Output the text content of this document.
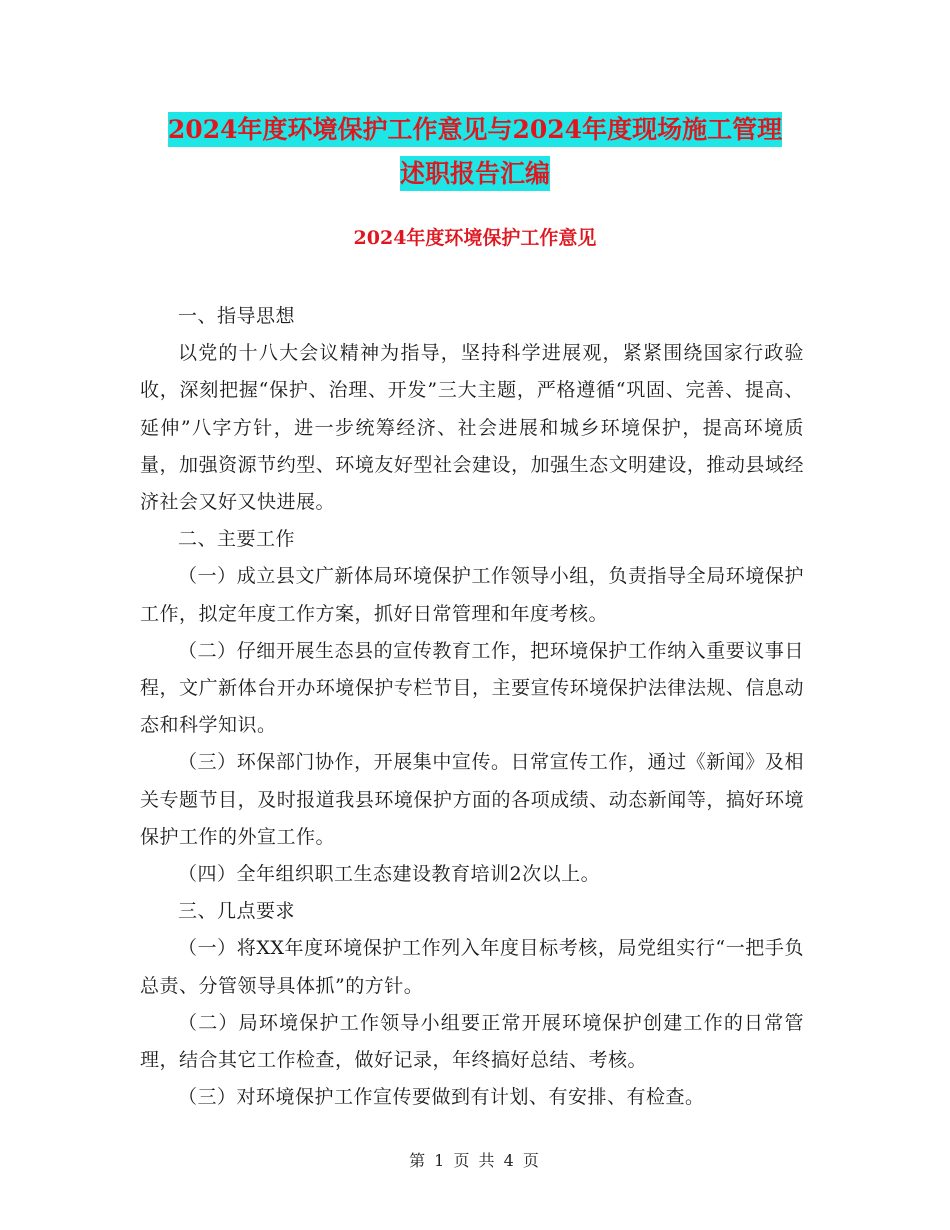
2024年度环境保护工作意见与2024年度现场施工管理
述职报告汇编
2024年度环境保护工作意见

一、指导思想

以党的十八大会议精神为指导，坚持科学进展观，紧紧围绕国家行政验收，深刻把握“保护、治理、开发”三大主题，严格遵循“巩固、完善、提高、延伸”八字方针，进一步统筹经济、社会进展和城乡环境保护，提高环境质量，加强资源节约型、环境友好型社会建设，加强生态文明建设，推动县域经济社会又好又快进展。

二、主要工作

（一）成立县文广新体局环境保护工作领导小组，负责指导全局环境保护工作，拟定年度工作方案，抓好日常管理和年度考核。

（二）仔细开展生态县的宣传教育工作，把环境保护工作纳入重要议事日程，文广新体台开办环境保护专栏节目，主要宣传环境保护法律法规、信息动态和科学知识。

（三）环保部门协作，开展集中宣传。日常宣传工作，通过《新闻》及相关专题节目，及时报道我县环境保护方面的各项成绩、动态新闻等，搞好环境保护工作的外宣工作。

（四）全年组织职工生态建设教育培训2次以上。

三、几点要求

（一）将XX年度环境保护工作列入年度目标考核，局党组实行“一把手负总责、分管领导具体抓”的方针。

（二）局环境保护工作领导小组要正常开展环境保护创建工作的日常管理，结合其它工作检查，做好记录，年终搞好总结、考核。

（三）对环境保护工作宣传要做到有计划、有安排、有检查。

第 1 页 共 4 页
